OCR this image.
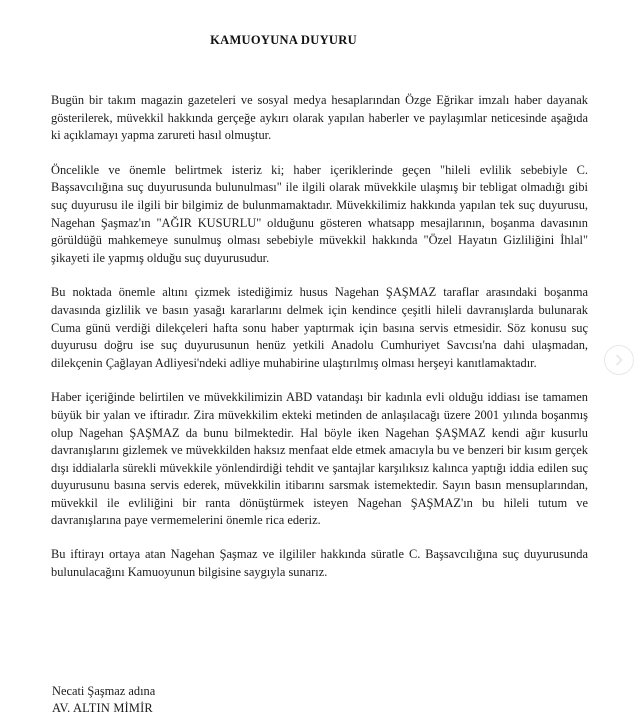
KAMUOYUNA DUYURU

Bugün bir takım magazin gazeteleri ve sosyal medya hesaplarından Özge Eğrikar imzalı haber dayanak gösterilerek, müvekkil hakkında gerçeğe aykırı olarak yapılan haberler ve paylaşımlar neticesinde aşağıda ki açıklamayı yapma zarureti hasıl olmuştur.

Öncelikle ve önemle belirtmek isteriz ki; haber içeriklerinde geçen "hileli evlilik sebebiyle C. Başsavcılığına suç duyurusunda bulunulması" ile ilgili olarak müvekkile ulaşmış bir tebligat olmadığı gibi suç duyurusu ile ilgili bir bilgimiz de bulunmamaktadır. Müvekkilimiz hakkında yapılan tek suç duyurusu, Nagehan Şaşmaz'ın "AĞIR KUSURLU" olduğunu gösteren whatsapp mesajlarının, boşanma davasının görüldüğü mahkemeye sunulmuş olması sebebiyle müvekkil hakkında "Özel Hayatın Gizliliğini İhlal" şikayeti ile yapmış olduğu suç duyurusudur.

Bu noktada önemle altını çizmek istediğimiz husus Nagehan ŞAŞMAZ taraflar arasındaki boşanma davasında gizlilik ve basın yasağı kararlarını delmek için kendince çeşitli hileli davranışlarda bulunarak Cuma günü verdiği dilekçeleri hafta sonu haber yaptırmak için basına servis etmesidir. Söz konusu suç duyurusu doğru ise suç duyurusunun henüz yetkili Anadolu Cumhuriyet Savcısı'na dahi ulaşmadan, dilekçenin Çağlayan Adliyesi'ndeki adliye muhabirine ulaştırılmış olması herşeyi kanıtlamaktadır.

Haber içeriğinde belirtilen ve müvekkilimizin ABD vatandaşı bir kadınla evli olduğu iddiası ise tamamen büyük bir yalan ve iftiradır. Zira müvekkilim ekteki metinden de anlaşılacağı üzere 2001 yılında boşanmış olup Nagehan ŞAŞMAZ da bunu bilmektedir. Hal böyle iken Nagehan ŞAŞMAZ kendi ağır kusurlu davranışlarını gizlemek ve müvekkilden haksız menfaat elde etmek amacıyla bu ve benzeri bir kısım gerçek dışı iddialarla sürekli müvekkile yönlendirdiği tehdit ve şantajlar karşılıksız kalınca yaptığı iddia edilen suç duyurusunu basına servis ederek, müvekkilin itibarını sarsmak istemektedir. Sayın basın mensuplarından, müvekkil ile evliliğini bir ranta dönüştürmek isteyen Nagehan ŞAŞMAZ'ın bu hileli tutum ve davranışlarına paye vermemelerini önemle rica ederiz.

Bu iftirayı ortaya atan Nagehan Şaşmaz ve ilgililer hakkında süratle C. Başsavcılığına suç duyurusunda bulunulacağını Kamuoyunun bilgisine saygıyla sunarız.

Necati Şaşmaz adına
AV. ALTIN MİMİR
